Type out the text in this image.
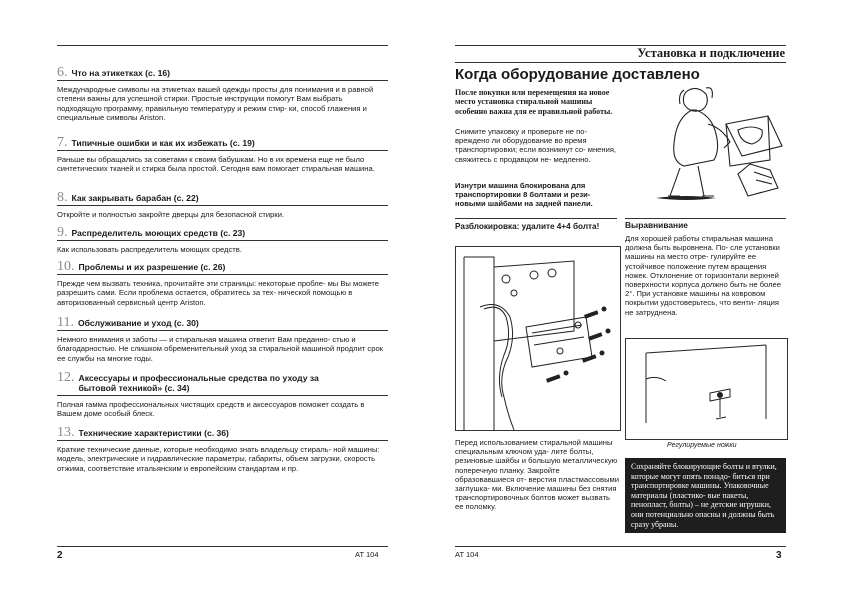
6. Что на этикетках (с. 16)
Международные символы на этикетках вашей одежды просты для понимания и в равной степени важны для успешной стирки. Простые инструкции помогут Вам выбрать подходящую программу, правильную температуру и режим стир- ки, способ глажения и специальные символы Ariston.
7. Типичные ошибки и как их избежать (с. 19)
Раньше вы обращались за советами к своим бабушкам. Но в их времена еще не было синтетических тканей и стирка была простой. Сегодня вам помогает стиральная машина.
8. Как закрывать барабан (с. 22)
Откройте и полностью закройте дверцы для безопасной стирки.
9. Распределитель моющих средств (с. 23)
Как использовать распределитель моющих средств.
10. Проблемы и их разрешение (с. 26)
Прежде чем вызвать техника, прочитайте эти страницы: некоторые пробле- мы Вы можете разрешить сами. Если проблема остается, обратитесь за тех- нической помощью в авторизованный сервисный центр Ariston.
11. Обслуживание и уход (с. 30)
Немного внимания и заботы — и стиральная машина ответит Вам преданно- стью и благодарностью. Не слишком обременительный уход за стиральной машиной продлит срок ее службы на многие годы.
12. Аксессуары и профессиональные средства по уходу за бытовой техникой» (с. 34)
Полная гамма профессиональных чистящих средств и аксессуаров поможет создать в Вашем доме особый блеск.
13. Технические характеристики (с. 36)
Краткие технические данные, которые необходимо знать владельцу стираль- ной машины: модель, электрические и гидравлические параметры, габариты, объем загрузки, скорость отжима, соответствие итальянским и европейским стандартам и пр.
2	AT 104
Установка и подключение
Когда оборудование доставлено
После покупки или перемещения на новое место установка стиральной машины особенно важна для ее правильной работы.
Снимите упаковку и проверьте не по- вреждено ли оборудование во время транспортировки; если возникнут со- мнения, свяжитесь с продавцом не- медленно.
Изнутри машина блокирована для транспортировки 8 болтами и рези- новыми шайбами на задней панели.
Разблокировка: удалите 4+4 болта!
Перед использованием стиральной машины специальным ключом уда- лите болты, резиновые шайбы и большую металлическую поперечную планку. Закройте образовавшиеся от- верстия пластмассовыми заглушка- ми. Включение машины без снятия транспортировочных болтов может вызвать ее поломку.
Выравнивание
Для хорошей работы стиральная машина должна быть выровнена. По- сле установки машины на место отре- гулируйте ее устойчивое положение путем вращения ножек. Отклонение от горизонтали верхней поверхности корпуса должно быть не более 2°. При установке машины на ковровом покрытии удостоверьтесь, что венти- ляция не затруднена.
Регулируемые ножки
Сохраняйте блокирующие болты и втулки, которые могут опять понадо- биться при транспортировке машины. Упаковочные материалы (пластико- вые пакеты, пенопласт, болты) – не детские игрушки, они потенциально опасны и должны быть сразу убраны.
AT 104	3
